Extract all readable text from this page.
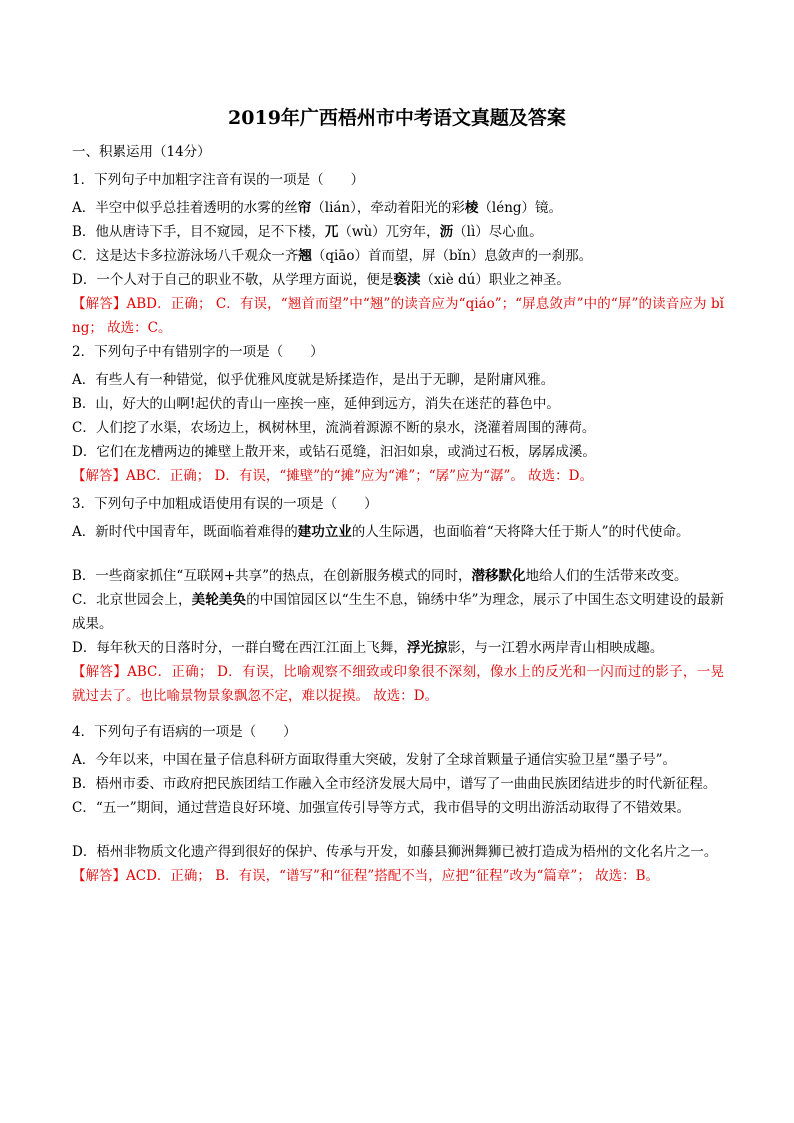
2019年广西梧州市中考语文真题及答案

一、积累运用（14分）

1．下列句子中加粗字注音有误的一项是（　　）

A．半空中似乎总挂着透明的水雾的丝帘（lián），牵动着阳光的彩棱（léng）镜。

B．他从唐诗下手，目不窥园，足不下楼，兀（wù）兀穷年，沥（lì）尽心血。

C．这是达卡多拉游泳场八千观众一齐翘（qiāo）首而望，屏（bǐn）息敛声的一刹那。

D．一个人对于自己的职业不敬，从学理方面说，便是亵渎（xiè dú）职业之神圣。

【解答】ABD．正确； C．有误，“翘首而望”中“翘”的读音应为“qiáo”；“屏息敛声”中的“屏”的读音应为 bǐng； 故选：C。

2．下列句子中有错别字的一项是（　　）

A．有些人有一种错觉，似乎优雅风度就是矫揉造作，是出于无聊，是附庸风雅。

B．山，好大的山啊!起伏的青山一座挨一座，延伸到远方，消失在迷茫的暮色中。

C．人们挖了水渠，农场边上，枫树林里，流淌着源源不断的泉水，浇灌着周围的薄荷。

D．它们在龙槽两边的摊壁上散开来，或钻石觅缝，汩汩如泉，或淌过石板，孱孱成溪。

【解答】ABC．正确； D．有误，“摊壁”的“摊”应为“滩”；“孱”应为“潺”。 故选：D。

3．下列句子中加粗成语使用有误的一项是（　　）

A．新时代中国青年，既面临着难得的建功立业的人生际遇，也面临着“天将降大任于斯人”的时代使命。

B．一些商家抓住“互联网+共享”的热点，在创新服务模式的同时，潜移默化地给人们的生活带来改变。

C．北京世园会上，美轮美奂的中国馆园区以“生生不息，锦绣中华”为理念，展示了中国生态文明建设的最新成果。

D．每年秋天的日落时分，一群白鹭在西江江面上飞舞，浮光掠影，与一江碧水两岸青山相映成趣。

【解答】ABC．正确； D．有误，比喻观察不细致或印象很不深刻，像水上的反光和一闪而过的影子，一晃就过去了。也比喻景物景象飘忽不定，难以捉摸。 故选：D。

4．下列句子有语病的一项是（　　）

A．今年以来，中国在量子信息科研方面取得重大突破，发射了全球首颗量子通信实验卫星“墨子号”。

B．梧州市委、市政府把民族团结工作融入全市经济发展大局中，谱写了一曲曲民族团结进步的时代新征程。

C．“五一”期间，通过营造良好环境、加强宣传引导等方式，我市倡导的文明出游活动取得了不错效果。

D．梧州非物质文化遗产得到很好的保护、传承与开发，如藤县狮洲舞狮已被打造成为梧州的文化名片之一。

【解答】ACD．正确； B．有误，“谱写”和“征程”搭配不当，应把“征程”改为“篇章”； 故选：B。
